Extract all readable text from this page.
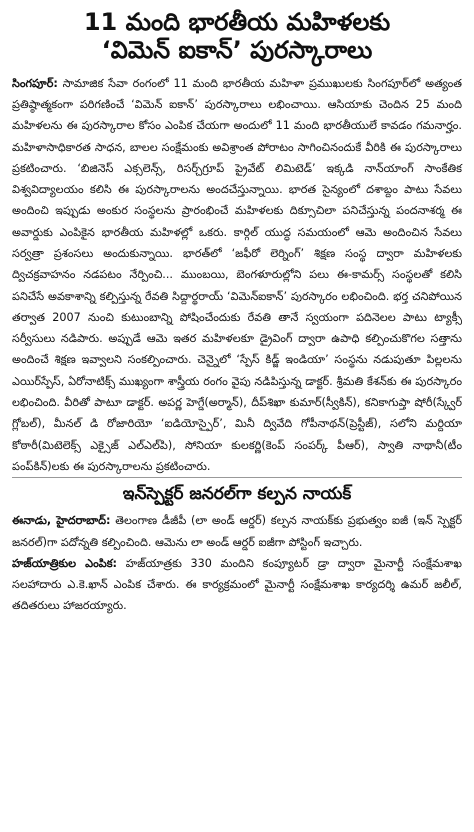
11 మంది భారతీయ మహిళలకు
‘విమెన్ ఐకాన్’ పురస్కారాలు

సింగపూర్: సామాజిక సేవా రంగంలో 11 మంది భారతీయ మహిళా ప్రముఖులకు సింగపూర్‌లో అత్యంత ప్రతిష్ఠాత్మకంగా పరిగణించే ‘విమెన్ ఐకాన్’ పురస్కారాలు లభించాయి. ఆసియాకు చెందిన 25 మంది మహిళలను ఈ పురస్కారాల కోసం ఎంపిక చేయగా అందులో 11 మంది భారతీయులే కావడం గమనార్హం. మహిళాసాధికారత సాధన, బాలల సంక్షేమంకు అవిశ్రాంత పోరాటం సాగించినందుకే వీరికి ఈ పురస్కారాలు ప్రకటించారు. ‘బిజినెస్ ఎక్సలెన్స్, రిసర్చ్‌గ్రూప్ ప్రైవేట్ లిమిటెడ్’ ఇక్కడి నాన్‌యాంగ్ సాంకేతిక విశ్వవిద్యాలయం కలిసి ఈ పురస్కారాలను అందచేస్తున్నాయి. భారత సైన్యంలో దశాబ్దం పాటు సేవలు అందించి ఇప్పుడు అంకుర సంస్థలను ప్రారంభించే మహిళలకు దిక్సూచిలా పనిచేస్తున్న పందనాశర్మ ఈ అవార్డుకు ఎంపికైన భారతీయ మహిళల్లో ఒకరు. కార్గిల్ యుద్ధ సమయంలో ఆమె అందించిన సేవలు సర్వత్రా ప్రశంసలు అందుకున్నాయి. భారత్‌లో ‘జఫీరో లెర్నింగ్’ శిక్షణ సంస్థ ద్వారా మహిళలకు ద్విచక్రవాహనం నడపటం నేర్పించి... ముంబయి, బెంగళూరుల్లోని పలు ఈ-కామర్స్ సంస్థలతో కలిసి పనిచేసే అవకాశాన్ని కల్పిస్తున్న రేవతి సిద్దార్థరాయ్ ‘విమెన్‌ఐకాన్’ పురస్కారం లభించింది. భర్త చనిపోయిన తర్వాత 2007 నుంచి కుటుంబాన్ని పోషించేందుకు రేవతి తానే స్వయంగా పదినెలల పాటు ట్యాక్సీ సర్వీసులు నడిపారు. అప్పుడే ఆమె ఇతర మహిళలకూ డ్రైవింగ్ ద్వారా ఉపాధి కల్పించుకొగల సత్తాను అందించే శిక్షణ ఇవ్వాలని సంకల్పించారు. చెన్నైలో ‘స్పేస్ కిడ్జ్ ఇండియా’ సంస్థను నడుపుతూ పిల్లలను ఎయిర్‌స్పేస్, ఏరోనాటిక్స్ ముఖ్యంగా శాస్త్రీయ రంగం వైపు నడిపిస్తున్న డాక్టర్. శ్రీమతి కేశన్‌కు ఈ పురస్కారం లభించింది. వీరితో పాటూ డాక్టర్. అపర్ణ హెగ్డే(అర్మాన్), దీప్‌శిఖా కుమార్(స్వీకిన్), కనికాగుప్తా షోరీ(స్క్వేర్ గ్లోబల్), మీనల్ డి రోజారియో ‘ఐడియోస్పైర్’, మినీ ద్వివేది గోపీనాథన్(ప్రెస్టీజ్), సలోని మర్దియా కోఠారీ(మిటెలెక్స్ ఎక్సైజ్ ఎల్‌ఎల్‌పి), సోనియా కులకర్ణి(కెంప్ సంపర్క్ పీఆర్), స్వాతి నాథానీ(టీం పంప్‌కిన్)లకు ఈ పురస్కారాలను ప్రకటించారు.

ఇన్‌స్పెక్టర్ జనరల్‌గా కల్పన నాయక్

ఈనాడు, హైదరాబాద్: తెలంగాణ డీజీపీ (లా అండ్ ఆర్డర్) కల్పన నాయక్‌కు ప్రభుత్వం ఐజీ (ఇన్ స్పెక్టర్ జనరల్)గా పదోన్నతి కల్పించింది. ఆమెను లా అండ్ ఆర్డర్ ఐజీగా పోస్టింగ్ ఇచ్చారు.

హజ్‌యాత్రికుల ఎంపిక: హజ్‌యాత్రకు 330 మందిని కంప్యూటర్ డ్రా ద్వారా మైనార్టీ సంక్షేమశాఖ సలహాదారు ఎ.కె.ఖాన్ ఎంపిక చేశారు. ఈ కార్యక్రమంలో మైనార్టీ సంక్షేమశాఖ కార్యదర్శి ఉమర్ జలీల్, తదితరులు హాజరయ్యారు.
